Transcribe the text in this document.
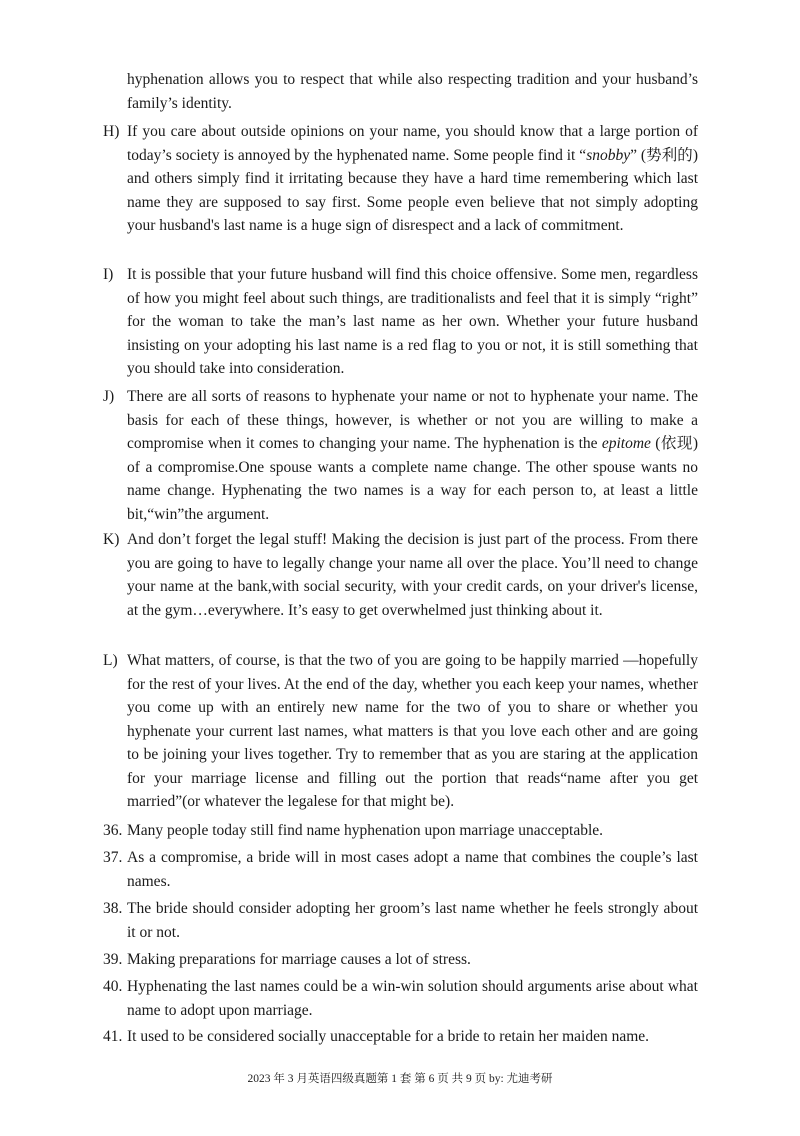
hyphenation allows you to respect that while also respecting tradition and your husband’s family’s identity.
H) If you care about outside opinions on your name, you should know that a large portion of today’s society is annoyed by the hyphenated name. Some people find it “snobby” (势利的) and others simply find it irritating because they have a hard time remembering which last name they are supposed to say first. Some people even believe that not simply adopting your husband's last name is a huge sign of disrespect and a lack of commitment.
I) It is possible that your future husband will find this choice offensive. Some men, regardless of how you might feel about such things, are traditionalists and feel that it is simply “right” for the woman to take the man’s last name as her own. Whether your future husband insisting on your adopting his last name is a red flag to you or not, it is still something that you should take into consideration.
J) There are all sorts of reasons to hyphenate your name or not to hyphenate your name. The basis for each of these things, however, is whether or not you are willing to make a compromise when it comes to changing your name. The hyphenation is the epitome (依现) of a compromise.One spouse wants a complete name change. The other spouse wants no name change. Hyphenating the two names is a way for each person to, at least a little bit,“win”the argument.
K) And don’t forget the legal stuff! Making the decision is just part of the process. From there you are going to have to legally change your name all over the place. You’ll need to change your name at the bank,with social security, with your credit cards, on your driver's license, at the gym…everywhere. It’s easy to get overwhelmed just thinking about it.
L) What matters, of course, is that the two of you are going to be happily married —hopefully for the rest of your lives. At the end of the day, whether you each keep your names, whether you come up with an entirely new name for the two of you to share or whether you hyphenate your current last names, what matters is that you love each other and are going to be joining your lives together. Try to remember that as you are staring at the application for your marriage license and filling out the portion that reads“name after you get married”(or whatever the legalese for that might be).
36. Many people today still find name hyphenation upon marriage unacceptable.
37. As a compromise, a bride will in most cases adopt a name that combines the couple’s last names.
38. The bride should consider adopting her groom’s last name whether he feels strongly about it or not.
39. Making preparations for marriage causes a lot of stress.
40. Hyphenating the last names could be a win-win solution should arguments arise about what name to adopt upon marriage.
41. It used to be considered socially unacceptable for a bride to retain her maiden name.
2023 年 3 月英语四级真题第 1 套 第 6 页 共 9 页 by: 尤迪考研
